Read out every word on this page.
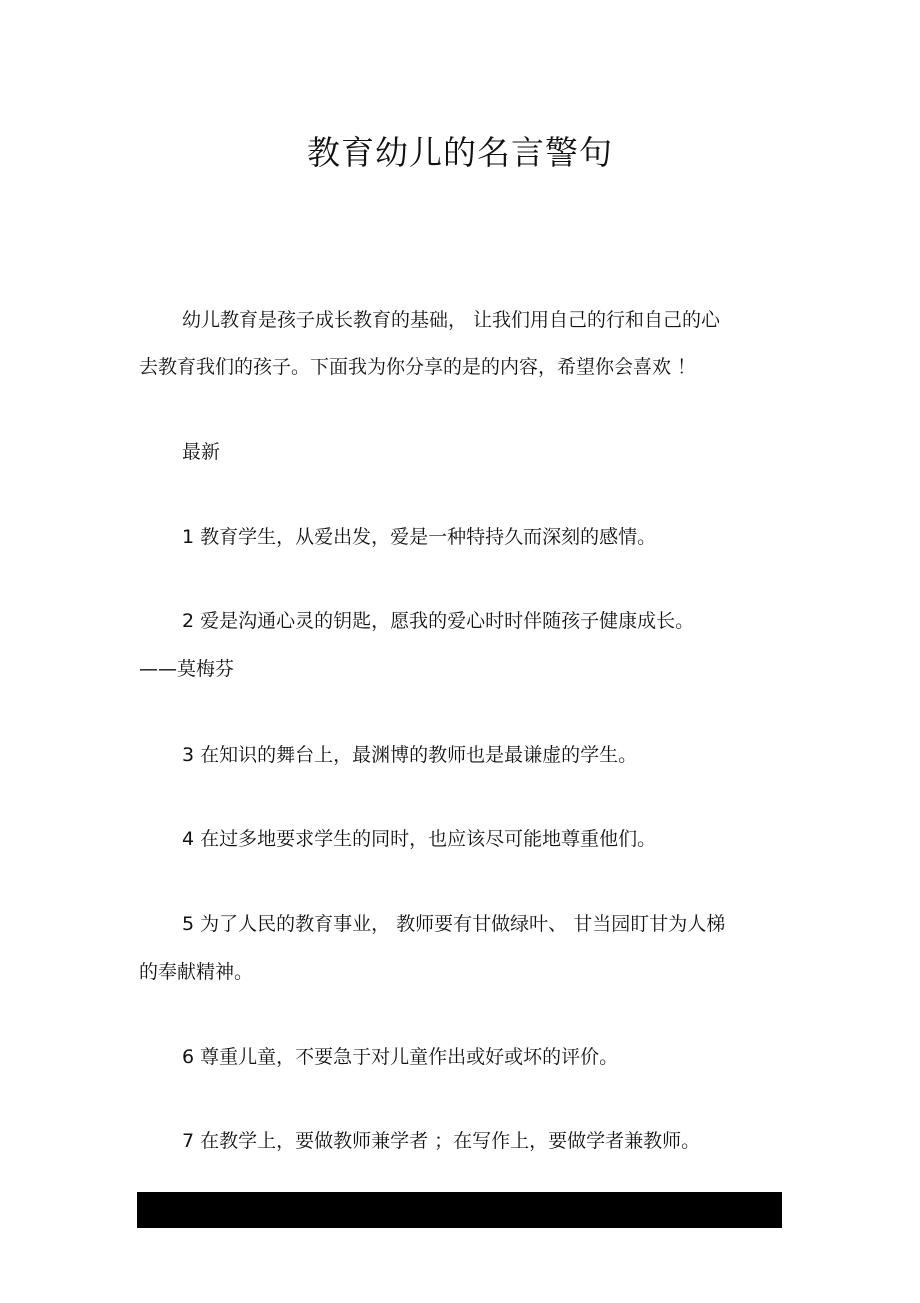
教育幼儿的名言警句
幼儿教育是孩子成长教育的基础， 让我们用自己的行和自己的心
去教育我们的孩子。下面我为你分享的是的内容，希望你会喜欢 ！
最新
1 教育学生，从爱出发，爱是一种特持久而深刻的感情。
2 爱是沟通心灵的钥匙，愿我的爱心时时伴随孩子健康成长。
——莫梅芬
3 在知识的舞台上，最渊博的教师也是最谦虚的学生。
4 在过多地要求学生的同时，也应该尽可能地尊重他们。
5 为了人民的教育事业， 教师要有甘做绿叶、 甘当园盯甘为人梯
的奉献精神。
6 尊重儿童，不要急于对儿童作出或好或坏的评价。
7 在教学上，要做教师兼学者 ；在写作上，要做学者兼教师。
